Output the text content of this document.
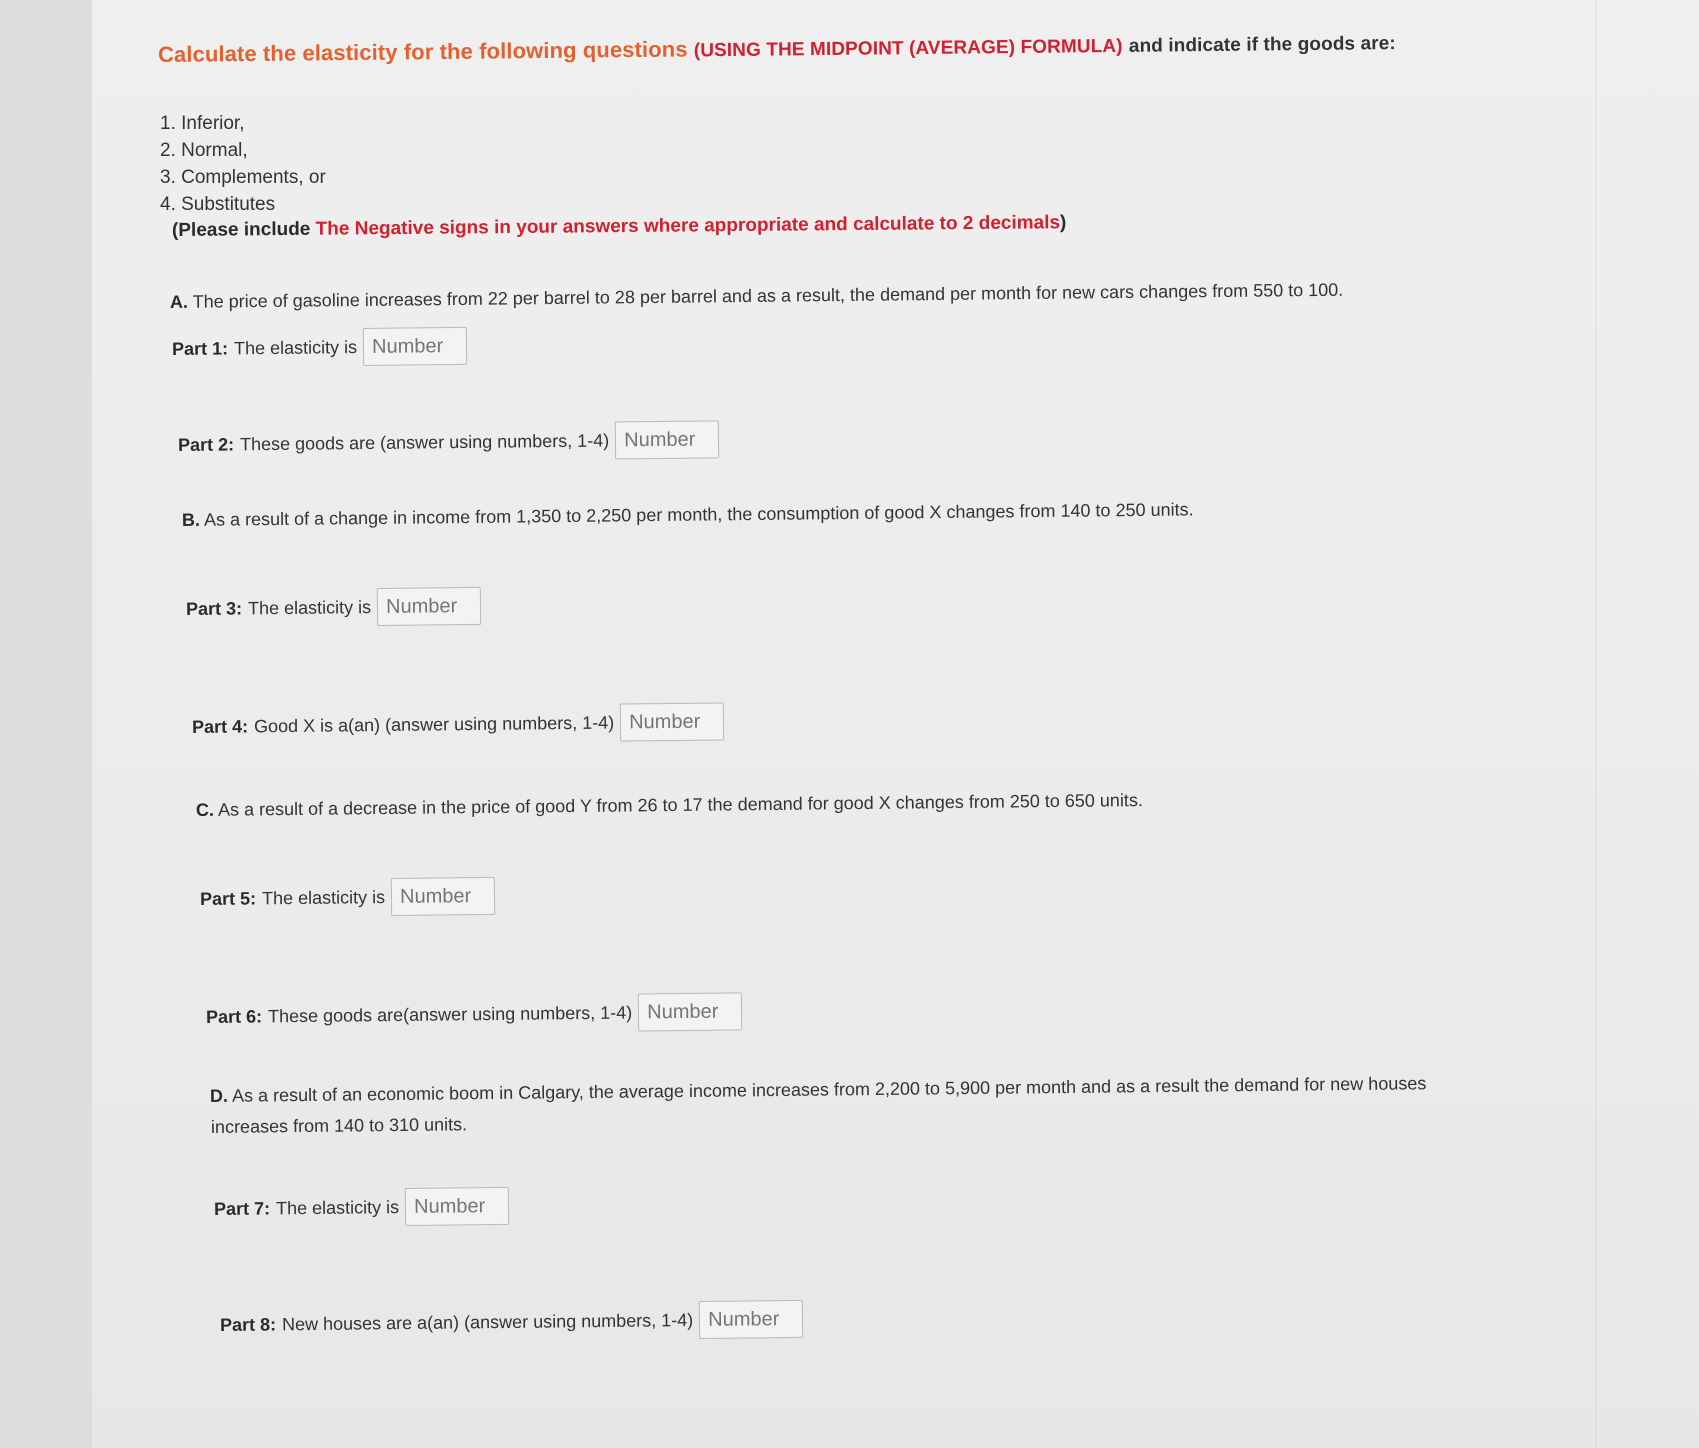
Calculate the elasticity for the following questions (USING THE MIDPOINT (AVERAGE) FORMULA) and indicate if the goods are:
1. Inferior,
2. Normal,
3. Complements, or
4. Substitutes
(Please include The Negative signs in your answers where appropriate and calculate to 2 decimals)
A. The price of gasoline increases from 22 per barrel to 28 per barrel and as a result, the demand per month for new cars changes from 550 to 100.
Part 1: The elasticity is
Number
Part 2: These goods are (answer using numbers, 1-4)
Number
B. As a result of a change in income from 1,350 to 2,250 per month, the consumption of good X changes from 140 to 250 units.
Part 3: The elasticity is
Number
Part 4: Good X is a(an) (answer using numbers, 1-4)
Number
C. As a result of a decrease in the price of good Y from 26 to 17 the demand for good X changes from 250 to 650 units.
Part 5: The elasticity is
Number
Part 6: These goods are(answer using numbers, 1-4)
Number
D. As a result of an economic boom in Calgary, the average income increases from 2,200 to 5,900 per month and as a result the demand for new houses
increases from 140 to 310 units.
Part 7: The elasticity is
Number
Part 8: New houses are a(an) (answer using numbers, 1-4)
Number
